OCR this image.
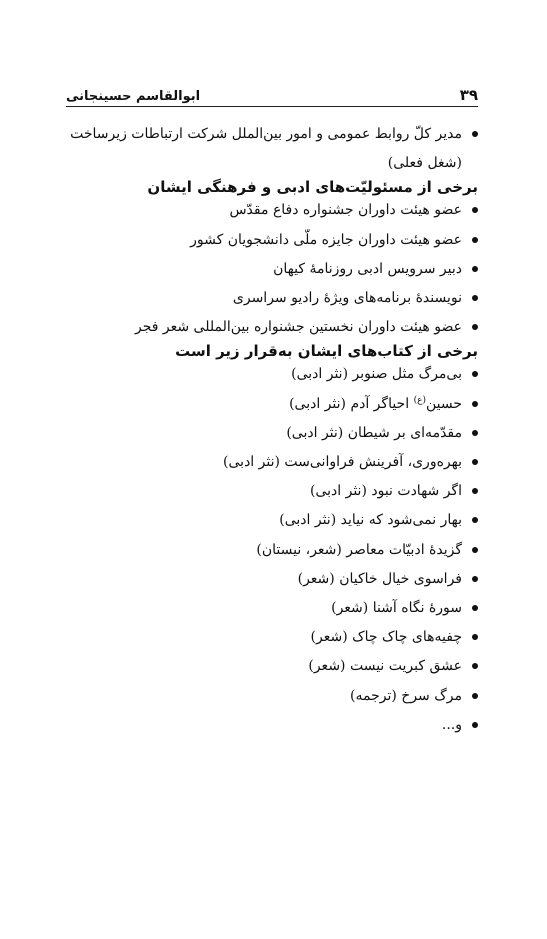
۳۹
ابوالقاسم حسینجانی
مدیر کلّ روابط عمومی و امور بین‌الملل شرکت ارتباطات زیرساخت
(شغل فعلی)
برخی از مسئولیّت‌های ادبی و فرهنگی ایشان
عضو هیئت داوران جشنواره دفاع مقدّس
عضو هیئت داوران جایزه ملّی دانشجویان کشور
دبیر سرویس ادبی روزنامهٔ کیهان
نویسندهٔ برنامه‌های ویژهٔ رادیو سراسری
عضو هیئت داوران نخستین جشنواره بین‌المللی شعر فجر
برخی از کتاب‌های ایشان به‌قرار زیر است
بی‌مرگ مثل صنوبر (نثر ادبی)
حسین$^{(ع)}$ احیاگر آدم (نثر ادبی)
مقدّمه‌ای بر شیطان (نثر ادبی)
بهره‌وری، آفرینش فراوانی‌ست (نثر ادبی)
اگر شهادت نبود (نثر ادبی)
بهار نمی‌شود که نیاید (نثر ادبی)
گزیدهٔ ادبیّات معاصر (شعر، نیستان)
فراسوی خیال خاکیان (شعر)
سورهٔ نگاه آشنا (شعر)
چفیه‌های چاک چاک (شعر)
عشق کبریت نیست (شعر)
مرگ سرخ (ترجمه)
و...
